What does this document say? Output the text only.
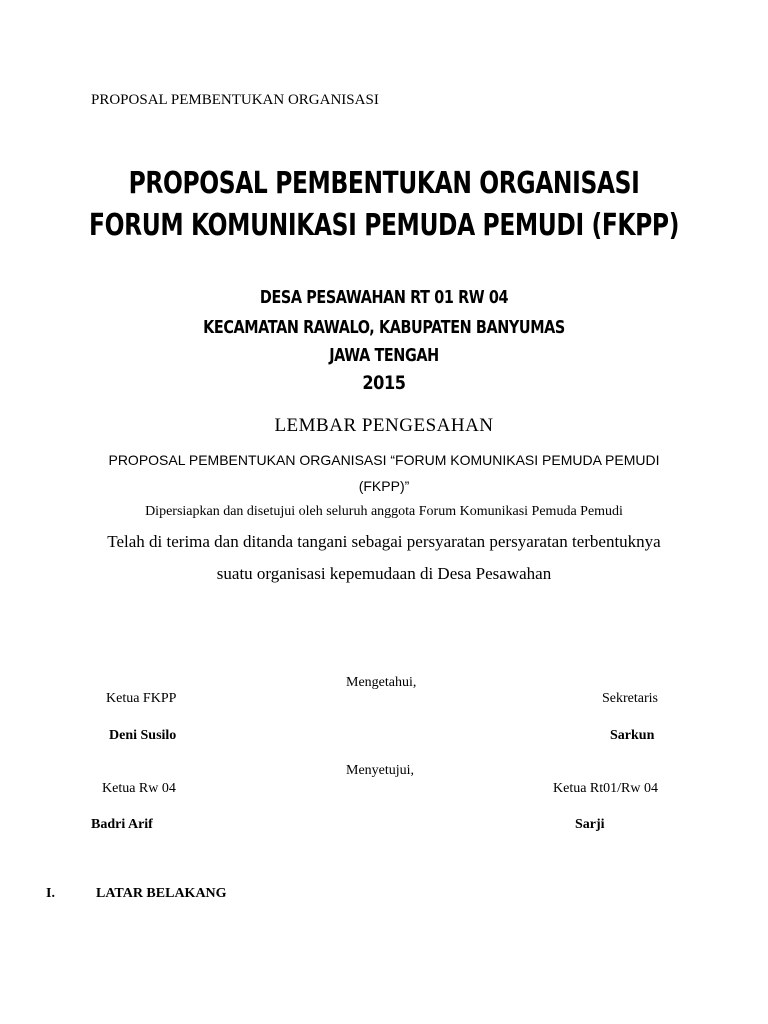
PROPOSAL PEMBENTUKAN ORGANISASI
PROPOSAL PEMBENTUKAN ORGANISASI
FORUM KOMUNIKASI PEMUDA PEMUDI (FKPP)
DESA PESAWAHAN RT 01 RW 04
KECAMATAN RAWALO, KABUPATEN BANYUMAS
JAWA TENGAH
2015
LEMBAR PENGESAHAN
PROPOSAL PEMBENTUKAN ORGANISASI “FORUM KOMUNIKASI PEMUDA PEMUDI
(FKPP)”
Dipersiapkan dan disetujui oleh seluruh anggota Forum Komunikasi Pemuda Pemudi
Telah di terima dan ditanda tangani sebagai persyaratan persyaratan terbentuknya
suatu organisasi kepemudaan di Desa Pesawahan
Mengetahui,
Ketua FKPP	Sekretaris
Deni Susilo	Sarkun
Menyetujui,
Ketua Rw 04	Ketua Rt01/Rw 04
Badri Arif	Sarji
I.	LATAR BELAKANG
